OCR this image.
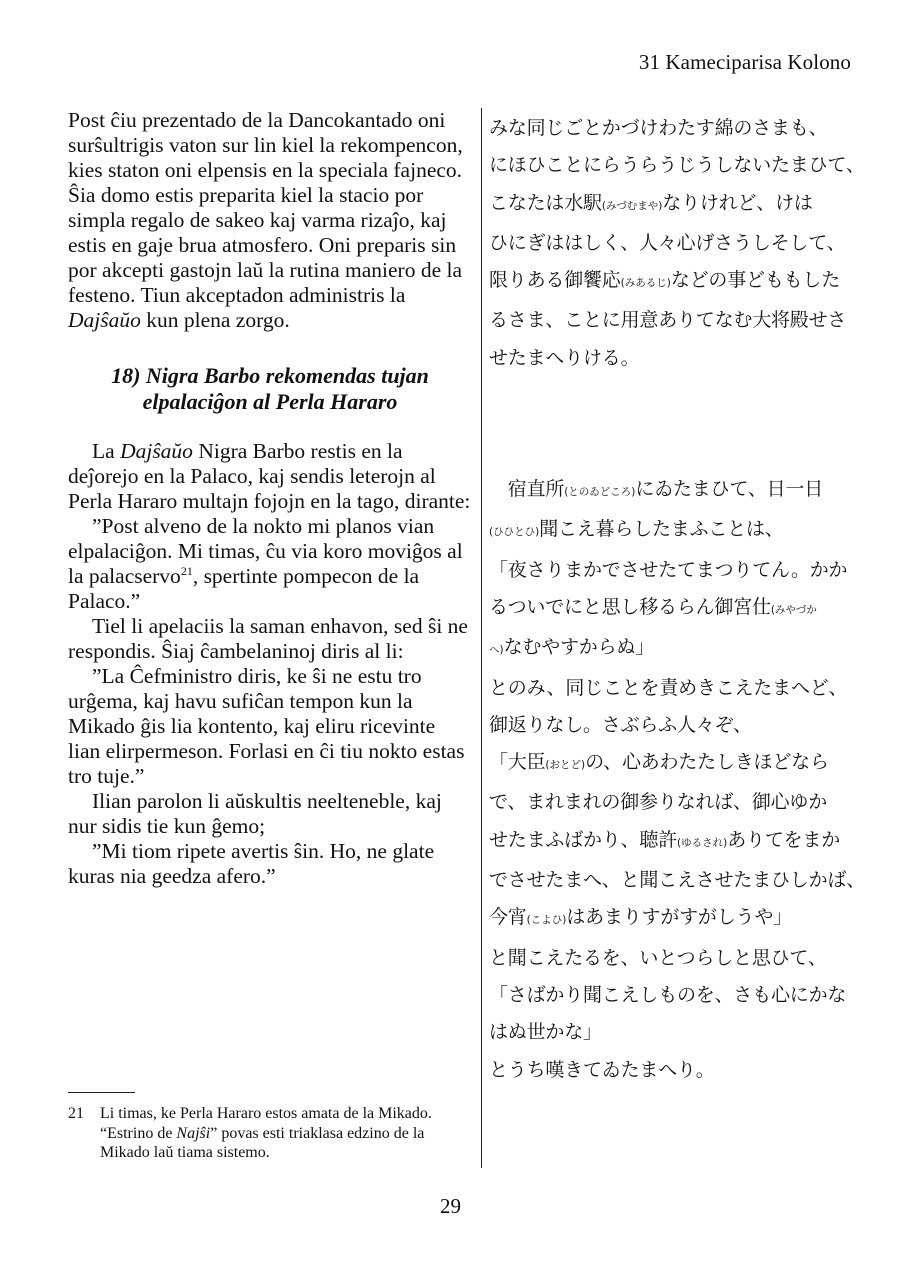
31 Kameciparisa Kolono

Post ĉiu prezentado de la Dancokantado oni surŝultrigis vaton sur lin kiel la rekompencon, kies staton oni elpensis en la speciala fajneco. Ŝia domo estis preparita kiel la stacio por simpla regalo de sakeo kaj varma rizaĵo, kaj estis en gaje brua atmosfero. Oni preparis sin por akcepti gastojn laŭ la rutina maniero de la festeno. Tiun akceptadon administris la Dajŝaŭo kun plena zorgo.

18) Nigra Barbo rekomendas tujan
elpalaciĝon al Perla Hararo

La Dajŝaŭo Nigra Barbo restis en la deĵorejo en la Palaco, kaj sendis leterojn al Perla Hararo multajn fojojn en la tago, dirante:

”Post alveno de la nokto mi planos vian elpalaciĝon. Mi timas, ĉu via koro moviĝos al la palacservo$^{21}$, spertinte pompecon de la Palaco.”

Tiel li apelaciis la saman enhavon, sed ŝi ne respondis. Ŝiaj ĉambelaninoj diris al li:

”La Ĉefministro diris, ke ŝi ne estu tro urĝema, kaj havu sufiĉan tempon kun la Mikado ĝis lia kontento, kaj eliru ricevinte lian elirpermeson. Forlasi en ĉi tiu nokto estas tro tuje.”

Ilian parolon li aŭskultis neelteneble, kaj nur sidis tie kun ĝemo;

”Mi tiom ripete avertis ŝin. Ho, ne glate kuras nia geedza afero.”

みな同じごとかづけわたす綿のさまも、
にほひことにらうらうじうしないたまひて、
こなたは水駅(みづむまや)なりけれど、けは
ひにぎははしく、人々心げさうしそして、
限りある御饗応(みあるじ)などの事どももした
るさま、ことに用意ありてなむ大将殿せさ
せたまへりける。
　宿直所(とのゐどころ)にゐたまひて、日一日
(ひひとひ)聞こえ暮らしたまふことは、
「夜さりまかでさせたてまつりてん。かか
るついでにと思し移るらん御宮仕(みやづか
へ)なむやすからぬ」
とのみ、同じことを責めきこえたまへど、
御返りなし。さぶらふ人々ぞ、
「大臣(おとど)の、心あわたたしきほどなら
で、まれまれの御参りなれば、御心ゆか
せたまふばかり、聴許(ゆるされ)ありてをまか
でさせたまへ、と聞こえさせたまひしかば、
今宵(こよひ)はあまりすがすがしうや」
と聞こえたるを、いとつらしと思ひて、
「さばかり聞こえしものを、さも心にかな
はぬ世かな」
とうち嘆きてゐたまへり。
21 Li timas, ke Perla Hararo estos amata de la Mikado. “Estrino de Najŝi” povas esti triaklasa edzino de la Mikado laŭ tiama sistemo.
29
